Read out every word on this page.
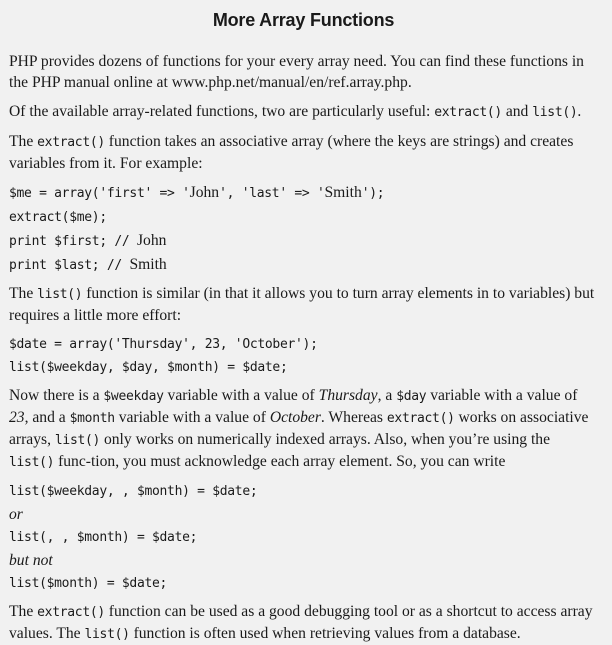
More Array Functions

PHP provides dozens of functions for your every array need. You can find these functions in the PHP manual online at www.php.net/manual/en/ref.array.php.

Of the available array-related functions, two are particularly useful: extract() and list().

The extract() function takes an associative array (where the keys are strings) and creates variables from it. For example:

$me = array('first' => 'John', 'last' => 'Smith');
extract($me);
print $first; // John
print $last; // Smith

The list() function is similar (in that it allows you to turn array elements in to variables) but requires a little more effort:

$date = array('Thursday', 23, 'October');
list($weekday, $day, $month) = $date;

Now there is a $weekday variable with a value of Thursday, a $day variable with a value of 23, and a $month variable with a value of October. Whereas extract() works on associative arrays, list() only works on numerically indexed arrays. Also, when you’re using the list() func-tion, you must acknowledge each array element. So, you can write

list($weekday, , $month) = $date;
or
list(, , $month) = $date;
but not
list($month) = $date;

The extract() function can be used as a good debugging tool or as a shortcut to access array values. The list() function is often used when retrieving values from a database.
